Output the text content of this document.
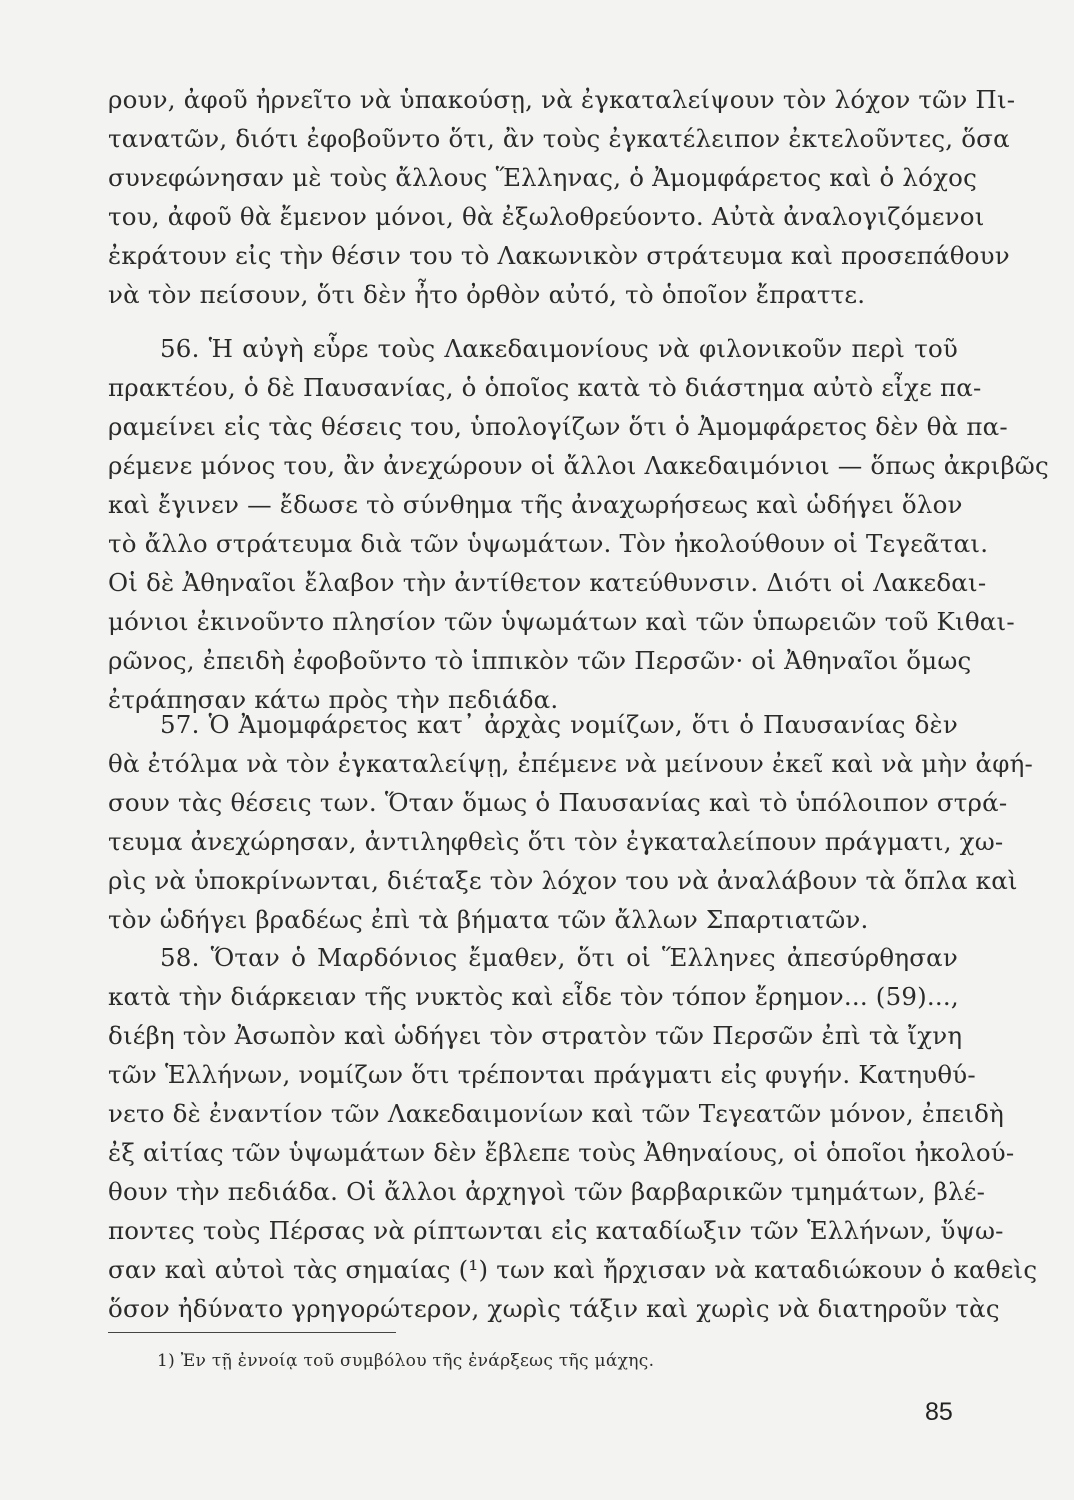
ρουν, ἀφοῦ ἠρνεῖτο νὰ ὑπακούσῃ, νὰ ἐγκαταλείψουν τὸν λόχον τῶν Πι-
τανατῶν, διότι ἐφοβοῦντο ὅτι, ἂν τοὺς ἐγκατέλειπον ἐκτελοῦντες, ὅσα
συνεφώνησαν μὲ τοὺς ἄλλους Ἕλληνας, ὁ Ἀμομφάρετος καὶ ὁ λόχος
του, ἀφοῦ θὰ ἔμενον μόνοι, θὰ ἐξωλοθρεύοντο. Αὐτὰ ἀναλογιζόμενοι
ἐκράτουν εἰς τὴν θέσιν του τὸ Λακωνικὸν στράτευμα καὶ προσεπάθουν
νὰ τὸν πείσουν, ὅτι δὲν ἦτο ὀρθὸν αὐτό, τὸ ὁποῖον ἔπραττε.
56. Ἡ αὐγὴ εὗρε τοὺς Λακεδαιμονίους νὰ φιλονικοῦν περὶ τοῦ
πρακτέου, ὁ δὲ Παυσανίας, ὁ ὁποῖος κατὰ τὸ διάστημα αὐτὸ εἶχε πα-
ραμείνει εἰς τὰς θέσεις του, ὑπολογίζων ὅτι ὁ Ἀμομφάρετος δὲν θὰ πα-
ρέμενε μόνος του, ἂν ἀνεχώρουν οἱ ἄλλοι Λακεδαιμόνιοι — ὅπως ἀκριβῶς
καὶ ἔγινεν — ἔδωσε τὸ σύνθημα τῆς ἀναχωρήσεως καὶ ὡδήγει ὅλον
τὸ ἄλλο στράτευμα διὰ τῶν ὑψωμάτων. Τὸν ἠκολούθουν οἱ Τεγεᾶται.
Οἱ δὲ Ἀθηναῖοι ἔλαβον τὴν ἀντίθετον κατεύθυνσιν. Διότι οἱ Λακεδαι-
μόνιοι ἐκινοῦντο πλησίον τῶν ὑψωμάτων καὶ τῶν ὑπωρειῶν τοῦ Κιθαι-
ρῶνος, ἐπειδὴ ἐφοβοῦντο τὸ ἱππικὸν τῶν Περσῶν· οἱ Ἀθηναῖοι ὅμως
ἐτράπησαν κάτω πρὸς τὴν πεδιάδα.
57. Ὁ Ἀμομφάρετος κατ᾽ ἀρχὰς νομίζων, ὅτι ὁ Παυσανίας δὲν
θὰ ἐτόλμα νὰ τὸν ἐγκαταλείψῃ, ἐπέμενε νὰ μείνουν ἐκεῖ καὶ νὰ μὴν ἀφή-
σουν τὰς θέσεις των. Ὅταν ὅμως ὁ Παυσανίας καὶ τὸ ὑπόλοιπον στρά-
τευμα ἀνεχώρησαν, ἀντιληφθεὶς ὅτι τὸν ἐγκαταλείπουν πράγματι, χω-
ρὶς νὰ ὑποκρίνωνται, διέταξε τὸν λόχον του νὰ ἀναλάβουν τὰ ὅπλα καὶ
τὸν ὡδήγει βραδέως ἐπὶ τὰ βήματα τῶν ἄλλων Σπαρτιατῶν.
58. Ὅταν ὁ Μαρδόνιος ἔμαθεν, ὅτι οἱ Ἕλληνες ἀπεσύρθησαν
κατὰ τὴν διάρκειαν τῆς νυκτὸς καὶ εἶδε τὸν τόπον ἔρημον... (59)...,
διέβη τὸν Ἀσωπὸν καὶ ὡδήγει τὸν στρατὸν τῶν Περσῶν ἐπὶ τὰ ἴχνη
τῶν Ἑλλήνων, νομίζων ὅτι τρέπονται πράγματι εἰς φυγήν. Κατηυθύ-
νετο δὲ ἐναντίον τῶν Λακεδαιμονίων καὶ τῶν Τεγεατῶν μόνον, ἐπειδὴ
ἐξ αἰτίας τῶν ὑψωμάτων δὲν ἔβλεπε τοὺς Ἀθηναίους, οἱ ὁποῖοι ἠκολού-
θουν τὴν πεδιάδα. Οἱ ἄλλοι ἀρχηγοὶ τῶν βαρβαρικῶν τμημάτων, βλέ-
ποντες τοὺς Πέρσας νὰ ρίπτωνται εἰς καταδίωξιν τῶν Ἑλλήνων, ὕψω-
σαν καὶ αὐτοὶ τὰς σημαίας (¹) των καὶ ἤρχισαν νὰ καταδιώκουν ὁ καθεὶς
ὅσον ἠδύνατο γρηγορώτερον, χωρὶς τάξιν καὶ χωρὶς νὰ διατηροῦν τὰς
1) Ἐν τῇ ἐννοίᾳ τοῦ συμβόλου τῆς ἐνάρξεως τῆς μάχης.
85
